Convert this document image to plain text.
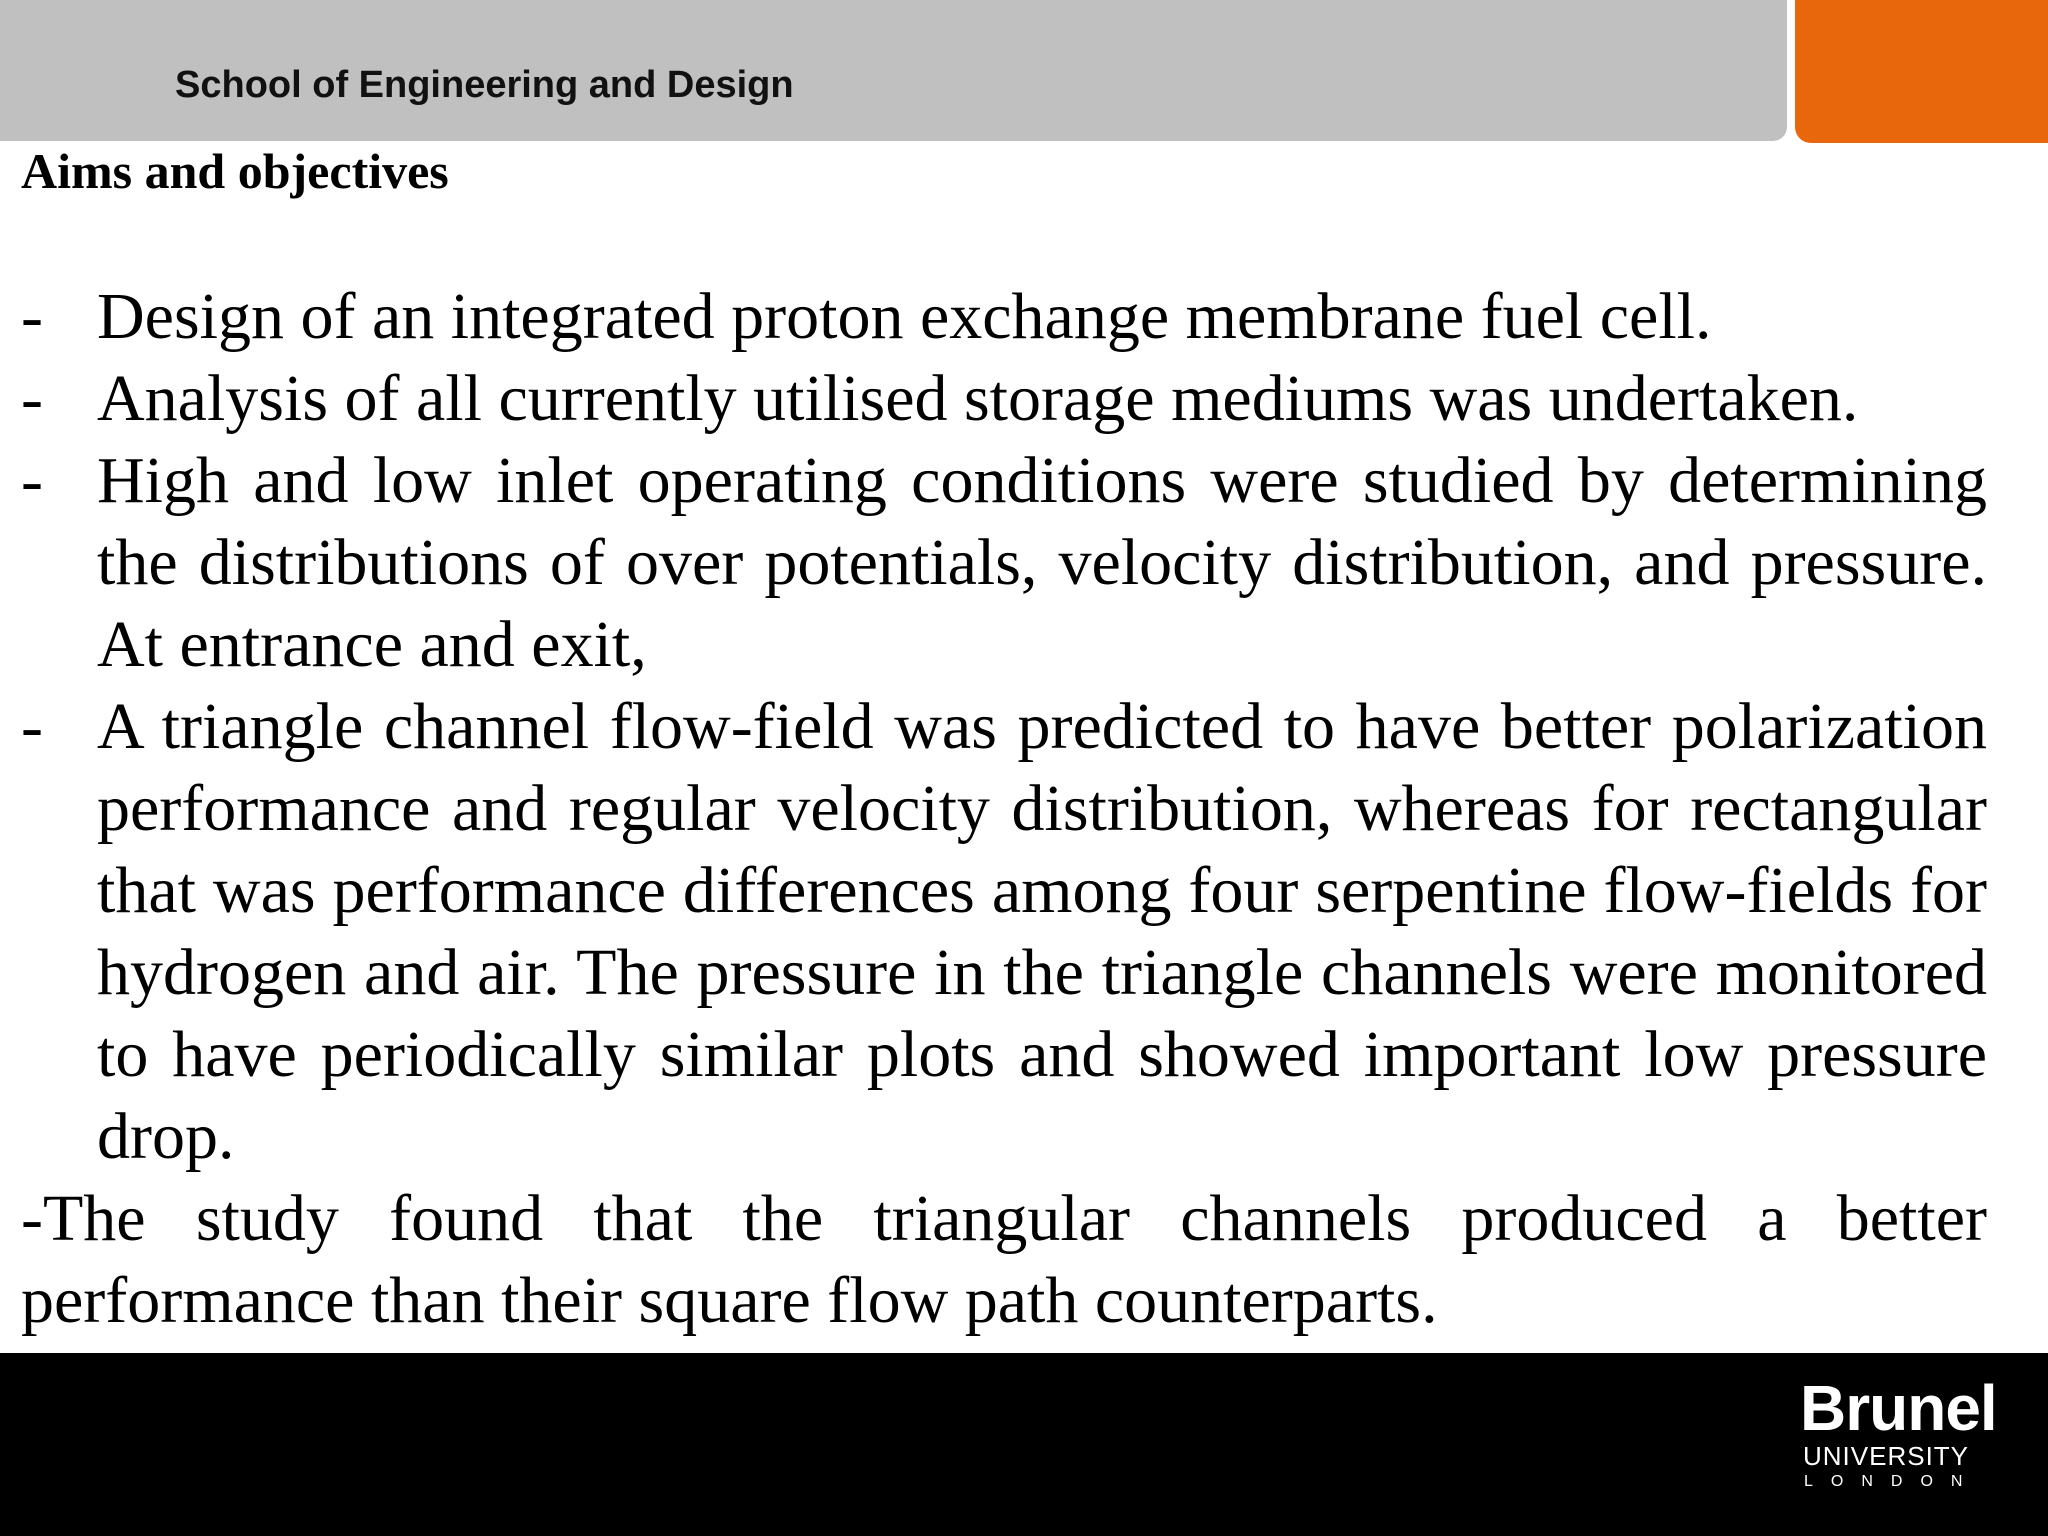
School of Engineering and Design
Aims and objectives
- Design of an integrated proton exchange membrane fuel cell.
- Analysis of all currently utilised storage mediums was undertaken.
- High and low inlet operating conditions were studied by determining the distributions of over potentials, velocity distribution, and pressure. At entrance and exit,
- A triangle channel flow-field was predicted to have better polarization performance and regular velocity distribution, whereas for rectangular that was performance differences among four serpentine flow-fields for hydrogen and air. The pressure in the triangle channels were monitored to have periodically similar plots and showed important low pressure drop.
-The study found that the triangular channels produced a better performance than their square flow path counterparts.
Brunel
UNIVERSITY
LONDON
